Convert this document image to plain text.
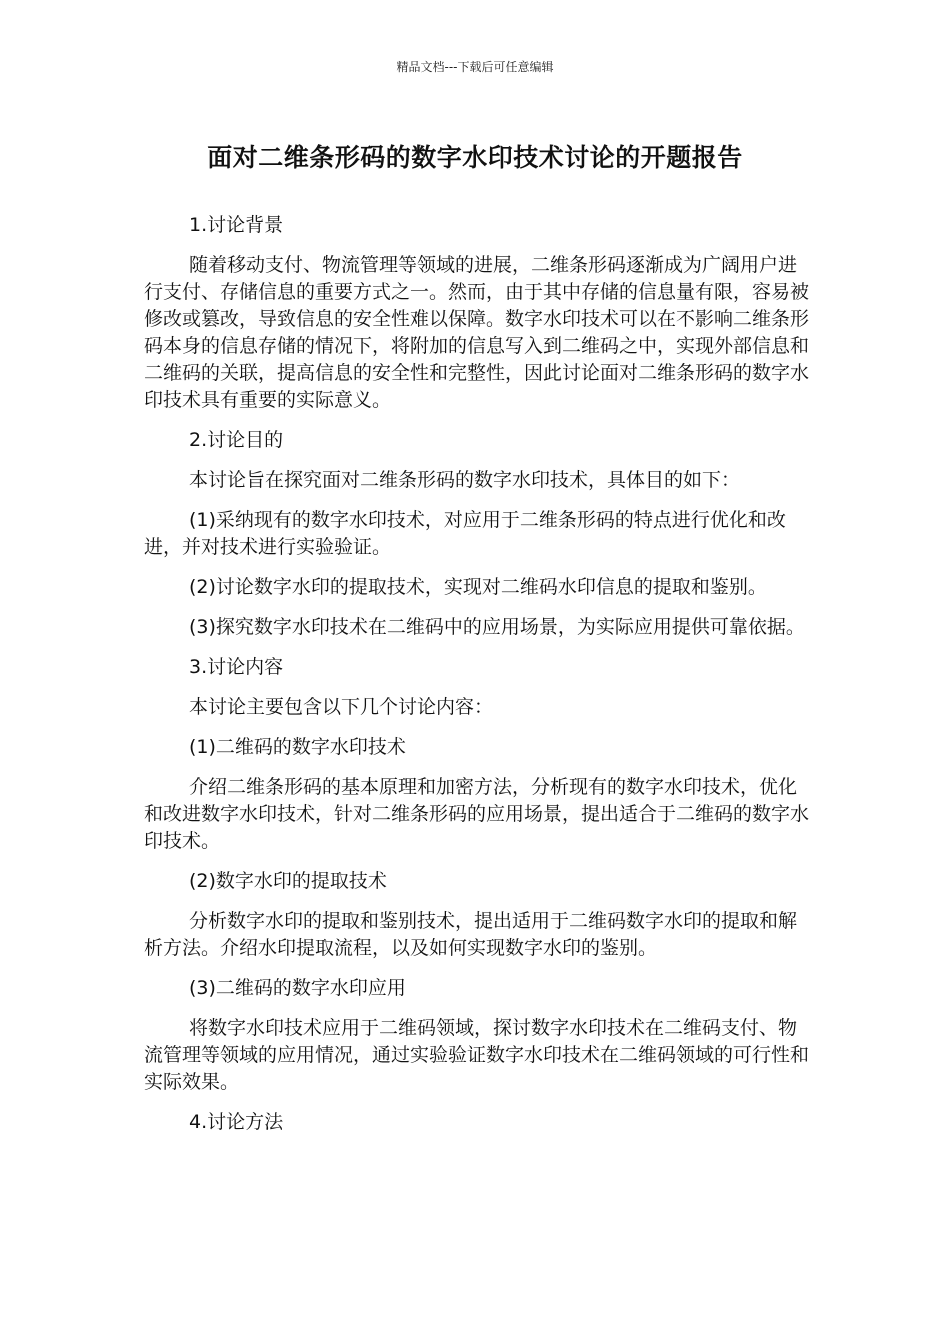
精品文档---下载后可任意编辑
面对二维条形码的数字水印技术讨论的开题报告
1.讨论背景
随着移动支付、物流管理等领域的进展，二维条形码逐渐成为广阔用户进行支付、存储信息的重要方式之一。然而，由于其中存储的信息量有限，容易被修改或篡改，导致信息的安全性难以保障。数字水印技术可以在不影响二维条形码本身的信息存储的情况下，将附加的信息写入到二维码之中，实现外部信息和二维码的关联，提高信息的安全性和完整性，因此讨论面对二维条形码的数字水印技术具有重要的实际意义。
2.讨论目的
本讨论旨在探究面对二维条形码的数字水印技术，具体目的如下：
(1)采纳现有的数字水印技术，对应用于二维条形码的特点进行优化和改进，并对技术进行实验验证。
(2)讨论数字水印的提取技术，实现对二维码水印信息的提取和鉴别。
(3)探究数字水印技术在二维码中的应用场景，为实际应用提供可靠依据。
3.讨论内容
本讨论主要包含以下几个讨论内容：
(1)二维码的数字水印技术
介绍二维条形码的基本原理和加密方法，分析现有的数字水印技术，优化和改进数字水印技术，针对二维条形码的应用场景，提出适合于二维码的数字水印技术。
(2)数字水印的提取技术
分析数字水印的提取和鉴别技术，提出适用于二维码数字水印的提取和解析方法。介绍水印提取流程，以及如何实现数字水印的鉴别。
(3)二维码的数字水印应用
将数字水印技术应用于二维码领域，探讨数字水印技术在二维码支付、物流管理等领域的应用情况，通过实验验证数字水印技术在二维码领域的可行性和实际效果。
4.讨论方法
